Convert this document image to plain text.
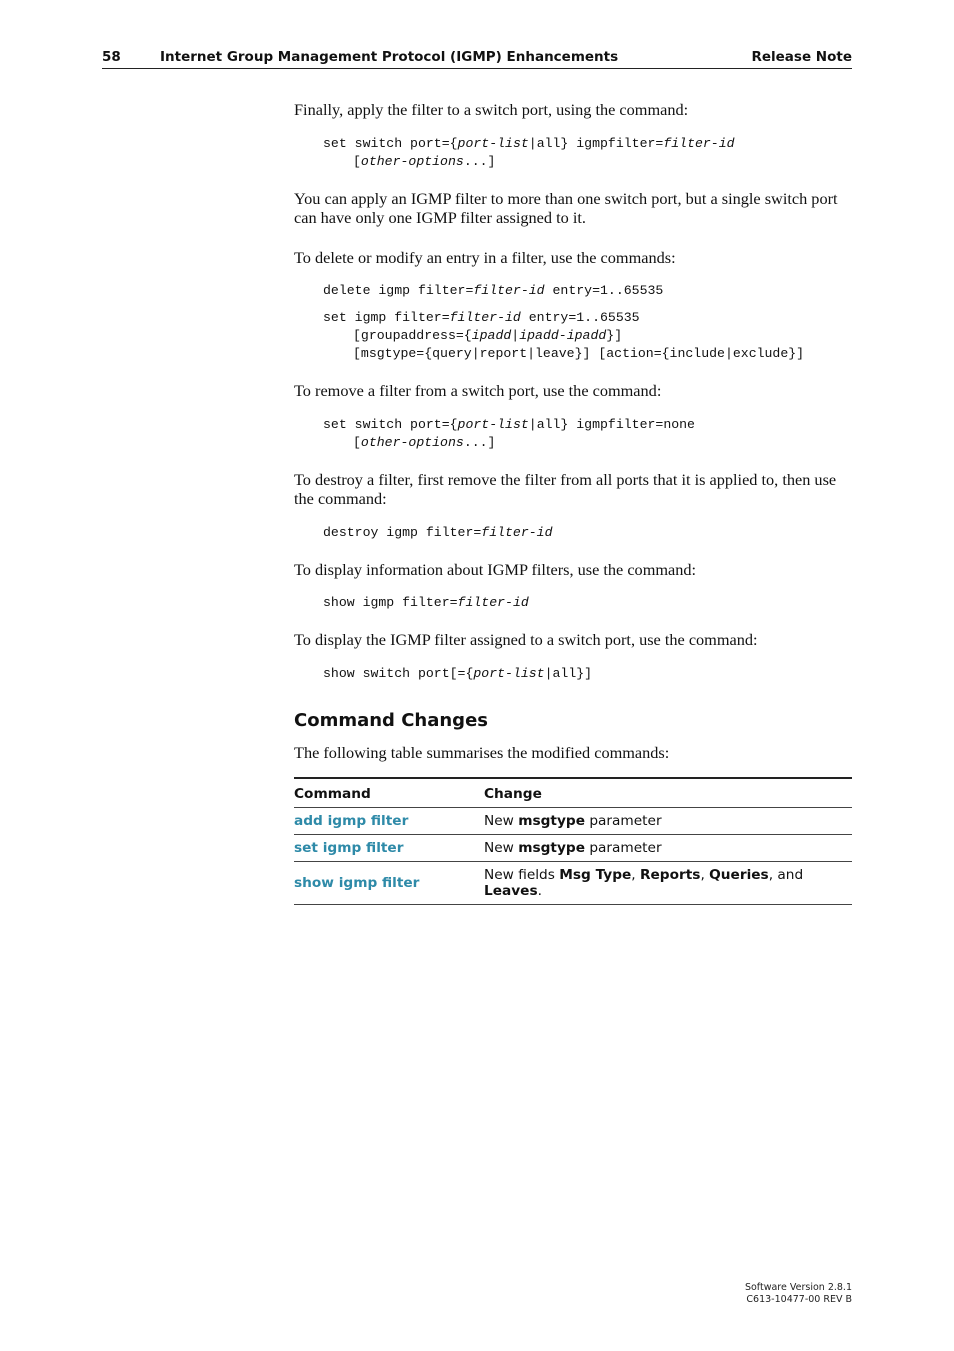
58	Internet Group Management Protocol (IGMP) Enhancements	Release Note

Finally, apply the filter to a switch port, using the command:

set switch port={port-list|all} igmpfilter=filter-id
[other-options...]

You can apply an IGMP filter to more than one switch port, but a single switch port can have only one IGMP filter assigned to it.

To delete or modify an entry in a filter, use the commands:

delete igmp filter=filter-id entry=1..65535
set igmp filter=filter-id entry=1..65535
[groupaddress={ipadd|ipadd-ipadd}]
[msgtype={query|report|leave}] [action={include|exclude}]

To remove a filter from a switch port, use the command:

set switch port={port-list|all} igmpfilter=none
[other-options...]

To destroy a filter, first remove the filter from all ports that it is applied to, then use the command:

destroy igmp filter=filter-id

To display information about IGMP filters, use the command:

show igmp filter=filter-id

To display the IGMP filter assigned to a switch port, use the command:

show switch port[={port-list|all}]
Command Changes

The following table summarises the modified commands:

Command	Change
add igmp filter	New msgtype parameter
set igmp filter	New msgtype parameter
show igmp filter	New fields Msg Type, Reports, Queries, and Leaves.
Software Version 2.8.1
C613-10477-00 REV B
